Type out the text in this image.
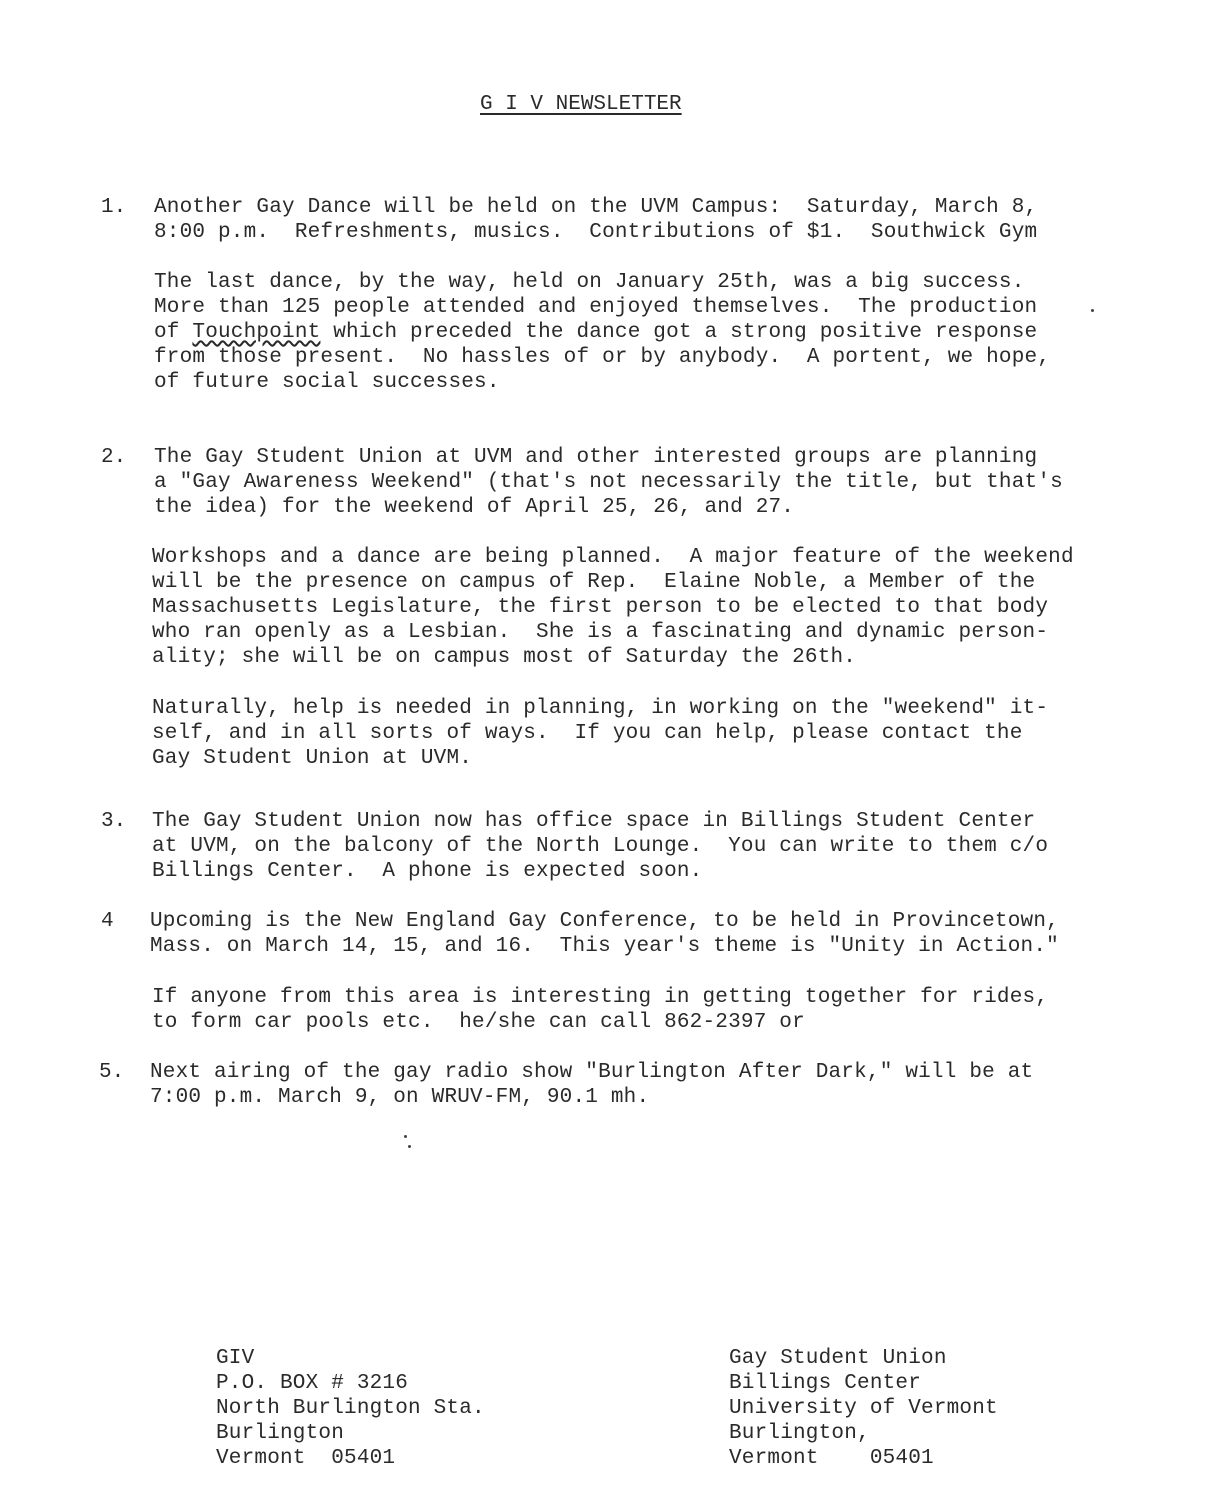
G I V NEWSLETTER
1. Another Gay Dance will be held on the UVM Campus:  Saturday, March 8,
8:00 p.m.  Refreshments, musics.  Contributions of $1.  Southwick Gym
The last dance, by the way, held on January 25th, was a big success.
More than 125 people attended and enjoyed themselves.  The production
of Touchpoint which preceded the dance got a strong positive response
from those present.  No hassles of or by anybody.  A portent, we hope,
of future social successes.
2. The Gay Student Union at UVM and other interested groups are planning
a "Gay Awareness Weekend" (that's not necessarily the title, but that's
the idea) for the weekend of April 25, 26, and 27.
Workshops and a dance are being planned.  A major feature of the weekend
will be the presence on campus of Rep.  Elaine Noble, a Member of the
Massachusetts Legislature, the first person to be elected to that body
who ran openly as a Lesbian.  She is a fascinating and dynamic person-
ality; she will be on campus most of Saturday the 26th.
Naturally, help is needed in planning, in working on the "weekend" it-
self, and in all sorts of ways.  If you can help, please contact the
Gay Student Union at UVM.
3. The Gay Student Union now has office space in Billings Student Center
at UVM, on the balcony of the North Lounge.  You can write to them c/o
Billings Center.  A phone is expected soon.
4 Upcoming is the New England Gay Conference, to be held in Provincetown,
Mass. on March 14, 15, and 16.  This year's theme is "Unity in Action."
If anyone from this area is interesting in getting together for rides,
to form car pools etc.  he/she can call 862-2397 or
5. Next airing of the gay radio show "Burlington After Dark," will be at
7:00 p.m. March 9, on WRUV-FM, 90.1 mh.
GIV
P.O. BOX # 3216
North Burlington Sta.
Burlington
Vermont  05401
Gay Student Union
Billings Center
University of Vermont
Burlington,
Vermont    05401
